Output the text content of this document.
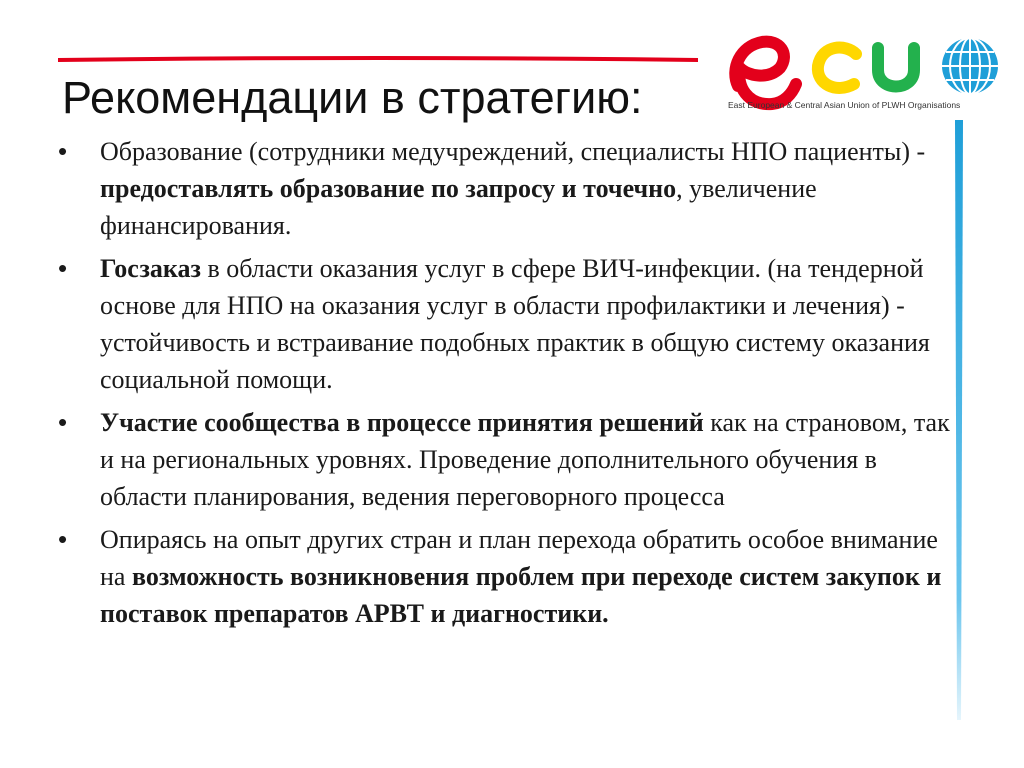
Рекомендации в стратегию:	East European & Central Asian Union of PLWH Organisations
• Образование (сотрудники медучреждений, специалисты НПО пациенты) - предоставлять образование по запросу и точечно, увеличение финансирования.
• Госзаказ в области оказания услуг в сфере ВИЧ-инфекции. (на тендерной основе для НПО на оказания услуг в области профилактики и лечения) - устойчивость и встраивание подобных практик в общую систему оказания социальной помощи.
• Участие сообщества в процессе принятия решений как на страновом, так и на региональных уровнях. Проведение дополнительного обучения в области планирования, ведения переговорного процесса
• Опираясь на опыт других стран и план перехода обратить особое внимание на возможность возникновения проблем при переходе систем закупок и поставок препаратов АРВТ и диагностики.
